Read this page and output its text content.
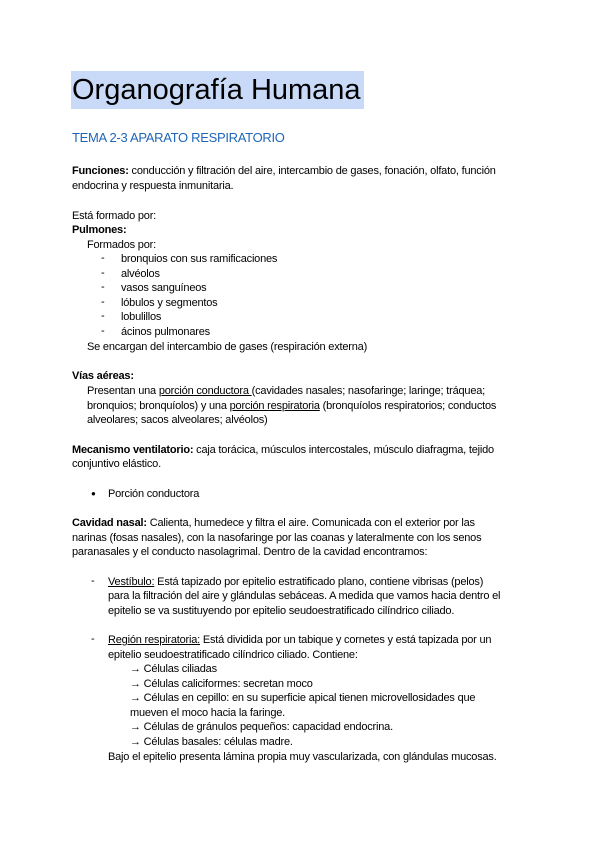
Organografía Humana
TEMA 2-3 APARATO RESPIRATORIO
Funciones: conducción y filtración del aire, intercambio de gases, fonación, olfato, función
endocrina y respuesta inmunitaria.
Está formado por:
Pulmones:
Formados por:
- bronquios con sus ramificaciones
- alvéolos
- vasos sanguíneos
- lóbulos y segmentos
- lobulillos
- ácinos pulmonares
Se encargan del intercambio de gases (respiración externa)
Vías aéreas:
Presentan una porción conductora (cavidades nasales; nasofaringe; laringe; tráquea;
bronquios; bronquíolos) y una porción respiratoria (bronquíolos respiratorios; conductos
alveolares; sacos alveolares; alvéolos)
Mecanismo ventilatorio: caja torácica, músculos intercostales, músculo diafragma, tejido
conjuntivo elástico.
● Porción conductora
Cavidad nasal: Calienta, humedece y filtra el aire. Comunicada con el exterior por las
narinas (fosas nasales), con la nasofaringe por las coanas y lateralmente con los senos
paranasales y el conducto nasolagrimal. Dentro de la cavidad encontramos:
- Vestíbulo: Está tapizado por epitelio estratificado plano, contiene vibrisas (pelos)
para la filtración del aire y glándulas sebáceas. A medida que vamos hacia dentro el
epitelio se va sustituyendo por epitelio seudoestratificado cilíndrico ciliado.
- Región respiratoria: Está dividida por un tabique y cornetes y está tapizada por un
epitelio seudoestratificado cilíndrico ciliado. Contiene:
→ Células ciliadas
→ Células caliciformes: secretan moco
→ Células en cepillo: en su superficie apical tienen microvellosidades que
mueven el moco hacia la faringe.
→ Células de gránulos pequeños: capacidad endocrina.
→ Células basales: células madre.
Bajo el epitelio presenta lámina propia muy vascularizada, con glándulas mucosas.
